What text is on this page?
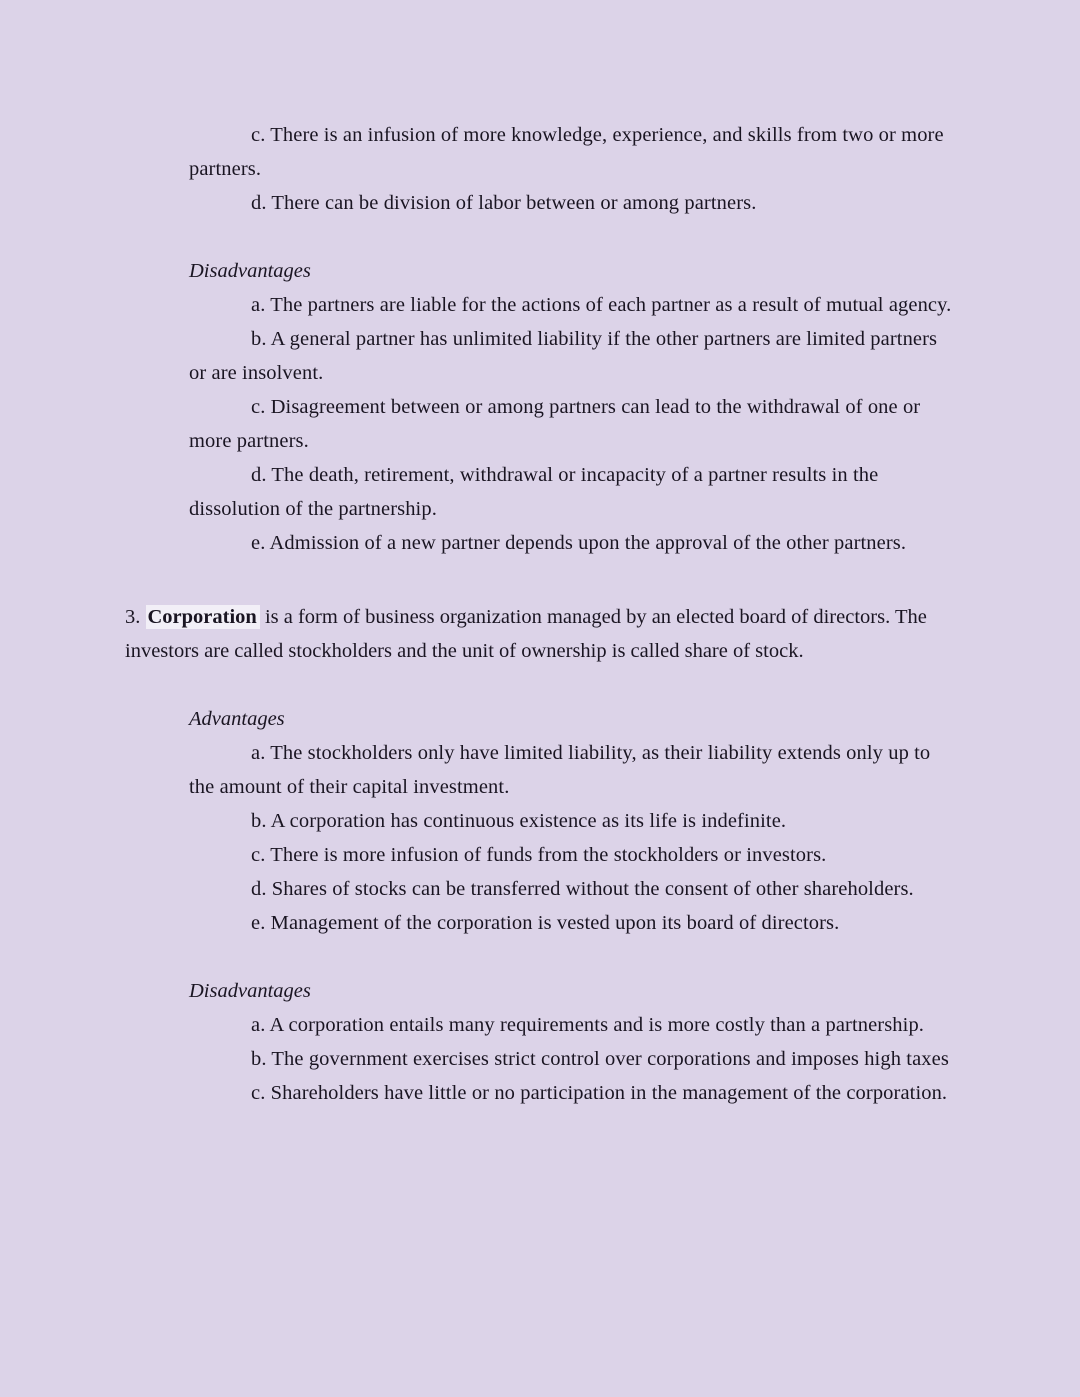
c. There is an infusion of more knowledge, experience, and skills from two or more partners.

d. There can be division of labor between or among partners.

Disadvantages

a. The partners are liable for the actions of each partner as a result of mutual agency.

b. A general partner has unlimited liability if the other partners are limited partners or are insolvent.

c. Disagreement between or among partners can lead to the withdrawal of one or more partners.

d. The death, retirement, withdrawal or incapacity of a partner results in the dissolution of the partnership.

e. Admission of a new partner depends upon the approval of the other partners.

3. Corporation is a form of business organization managed by an elected board of directors. The investors are called stockholders and the unit of ownership is called share of stock.

Advantages

a. The stockholders only have limited liability, as their liability extends only up to the amount of their capital investment.

b. A corporation has continuous existence as its life is indefinite.

c. There is more infusion of funds from the stockholders or investors.

d. Shares of stocks can be transferred without the consent of other shareholders.

e. Management of the corporation is vested upon its board of directors.

Disadvantages

a. A corporation entails many requirements and is more costly than a partnership.

b. The government exercises strict control over corporations and imposes high taxes

c. Shareholders have little or no participation in the management of the corporation.
